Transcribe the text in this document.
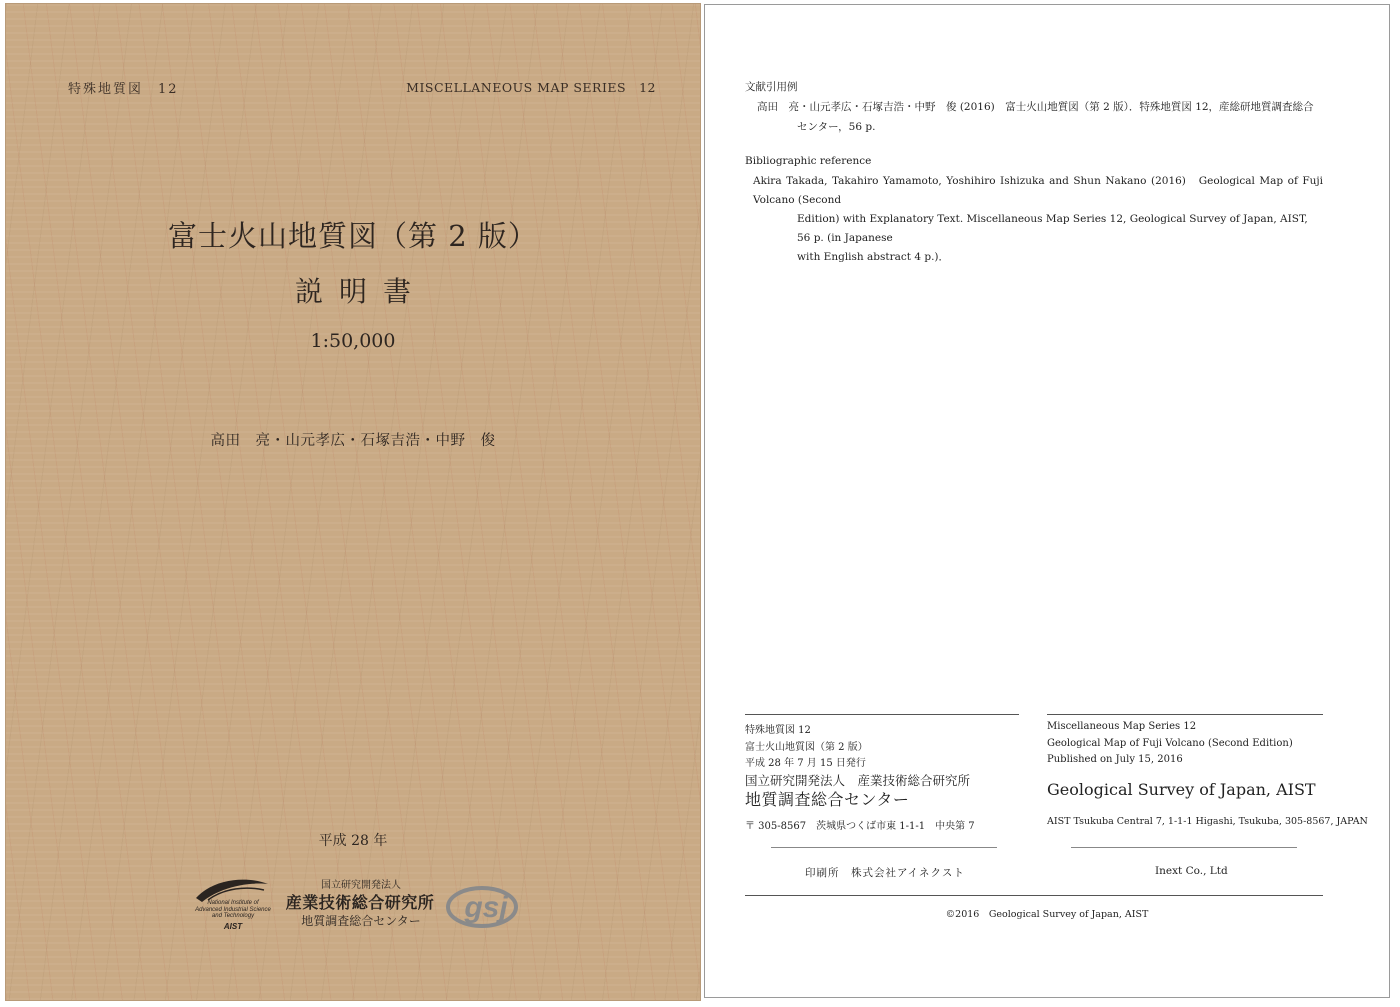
特殊地質図　12	MISCELLANEOUS MAP SERIES　12
富士火山地質図（第 2 版）
説明書
1:50,000
高田　亮・山元孝広・石塚吉浩・中野　俊
平成 28 年
National Institute of
Advanced Industrial Science
and Technology
AIST
国立研究開発法人
産業技術総合研究所
地質調査総合センター	gsj
文献引用例
高田　亮・山元孝広・石塚吉浩・中野　俊 (2016)　富士火山地質図（第 2 版）．特殊地質図 12，産総研地質調査総合
センター，56 p.
Bibliographic reference
Akira Takada, Takahiro Yamamoto, Yoshihiro Ishizuka and Shun Nakano (2016)　Geological Map of Fuji Volcano (Second
Edition) with Explanatory Text. Miscellaneous Map Series 12, Geological Survey of Japan, AIST, 56 p. (in Japanese
with English abstract 4 p.)．
特殊地質図 12
富士火山地質図（第 2 版）
平成 28 年 7 月 15 日発行
国立研究開発法人　産業技術総合研究所
地質調査総合センター
〒 305-8567　茨城県つくば市東 1-1-1　中央第 7
Miscellaneous Map Series 12
Geological Map of Fuji Volcano (Second Edition)
Published on July 15, 2016
Geological Survey of Japan, AIST
AIST Tsukuba Central 7, 1-1-1 Higashi, Tsukuba, 305-8567, JAPAN
印刷所　株式会社アイネクスト	Inext Co., Ltd
©2016　Geological Survey of Japan, AIST
